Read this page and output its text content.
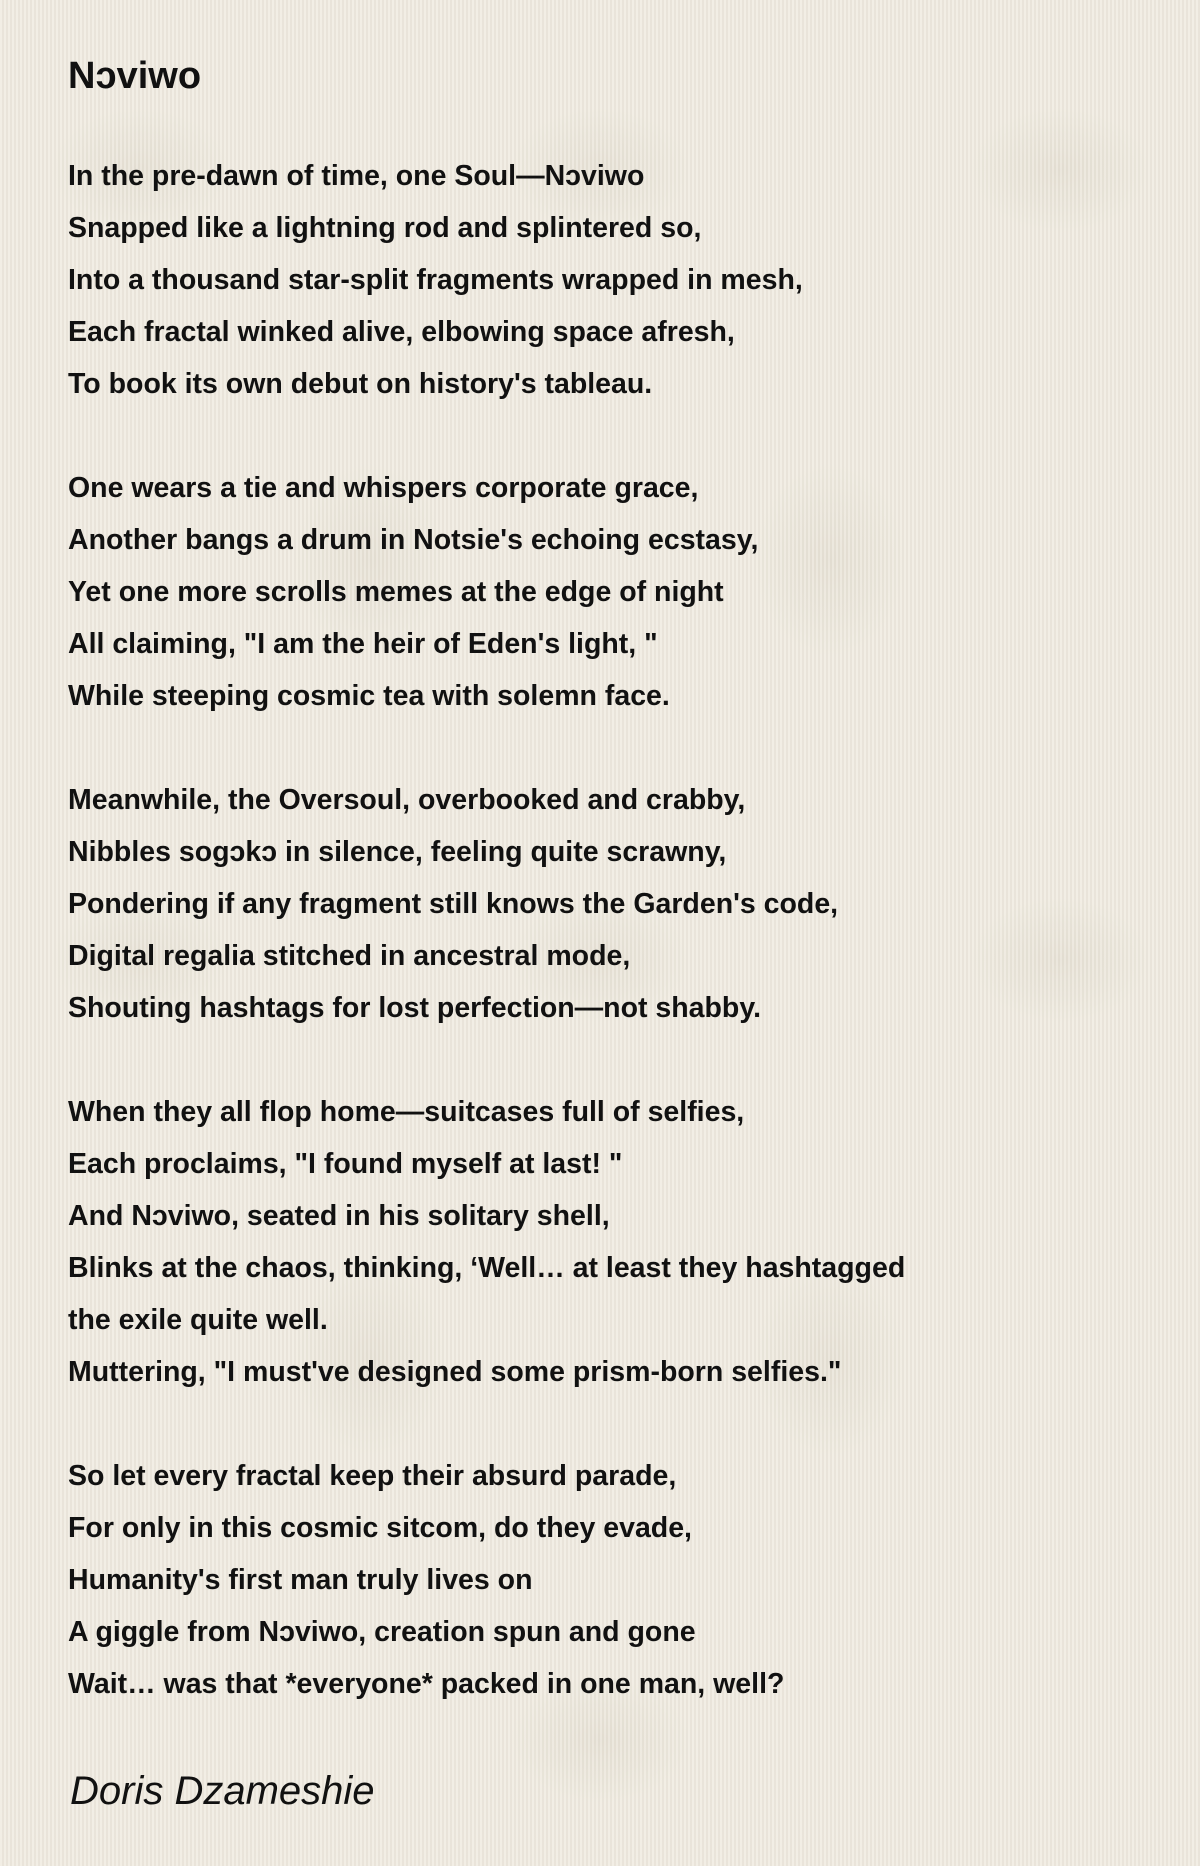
Nɔviwo
In the pre-dawn of time, one Soul—Nɔviwo
Snapped like a lightning rod and splintered so,
Into a thousand star-split fragments wrapped in mesh,
Each fractal winked alive, elbowing space afresh,
To book its own debut on history's tableau.
One wears a tie and whispers corporate grace,
Another bangs a drum in Notsie's echoing ecstasy,
Yet one more scrolls memes at the edge of night
All claiming, "I am the heir of Eden's light, "
While steeping cosmic tea with solemn face.
Meanwhile, the Oversoul, overbooked and crabby,
Nibbles sogɔkɔ in silence, feeling quite scrawny,
Pondering if any fragment still knows the Garden's code,
Digital regalia stitched in ancestral mode,
Shouting hashtags for lost perfection—not shabby.
When they all flop home—suitcases full of selfies,
Each proclaims, "I found myself at last! "
And Nɔviwo, seated in his solitary shell,
Blinks at the chaos, thinking, ‘Well… at least they hashtagged
the exile quite well.
Muttering, "I must've designed some prism-born selfies."
So let every fractal keep their absurd parade,
For only in this cosmic sitcom, do they evade,
Humanity's first man truly lives on
A giggle from Nɔviwo, creation spun and gone
Wait… was that *everyone* packed in one man, well?

Doris Dzameshie
